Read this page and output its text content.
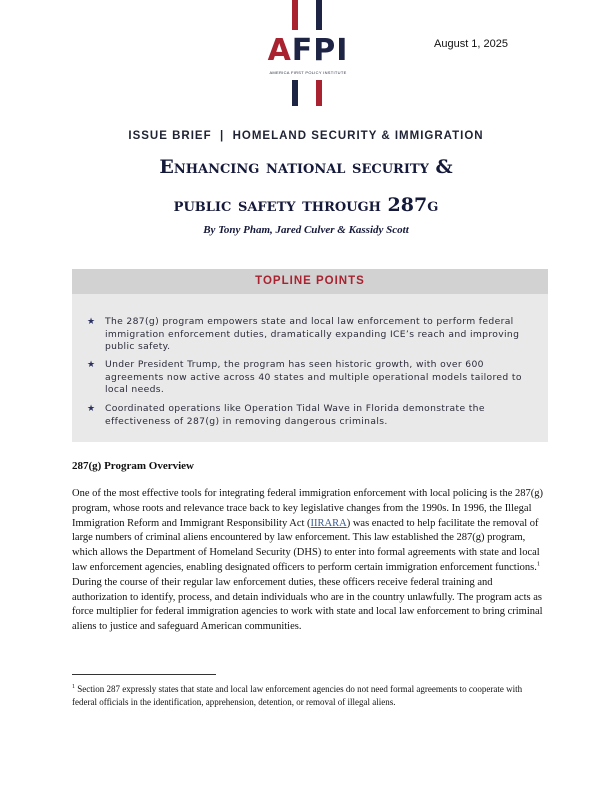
AFPI
AMERICA FIRST POLICY INSTITUTE
August 1, 2025
ISSUE BRIEF  |  HOMELAND SECURITY & IMMIGRATION
Enhancing national security &
public safety through 287g
By Tony Pham, Jared Culver & Kassidy Scott
TOPLINE POINTS
★ The 287(g) program empowers state and local law enforcement to perform federal immigration enforcement duties, dramatically expanding ICE’s reach and improving public safety.
★ Under President Trump, the program has seen historic growth, with over 600 agreements now active across 40 states and multiple operational models tailored to local needs.
★ Coordinated operations like Operation Tidal Wave in Florida demonstrate the effectiveness of 287(g) in removing dangerous criminals.
287(g) Program Overview

One of the most effective tools for integrating federal immigration enforcement with local policing is the 287(g) program, whose roots and relevance trace back to key legislative changes from the 1990s. In 1996, the Illegal Immigration Reform and Immigrant Responsibility Act (IIRARA) was enacted to help facilitate the removal of large numbers of criminal aliens encountered by law enforcement. This law established the 287(g) program, which allows the Department of Homeland Security (DHS) to enter into formal agreements with state and local law enforcement agencies, enabling designated officers to perform certain immigration enforcement functions.$^1$ During the course of their regular law enforcement duties, these officers receive federal training and authorization to identify, process, and detain individuals who are in the country unlawfully. The program acts as force multiplier for federal immigration agencies to work with state and local law enforcement to bring criminal aliens to justice and safeguard American communities.

$^1$ Section 287 expressly states that state and local law enforcement agencies do not need formal agreements to cooperate with federal officials in the identification, apprehension, detention, or removal of illegal aliens.
